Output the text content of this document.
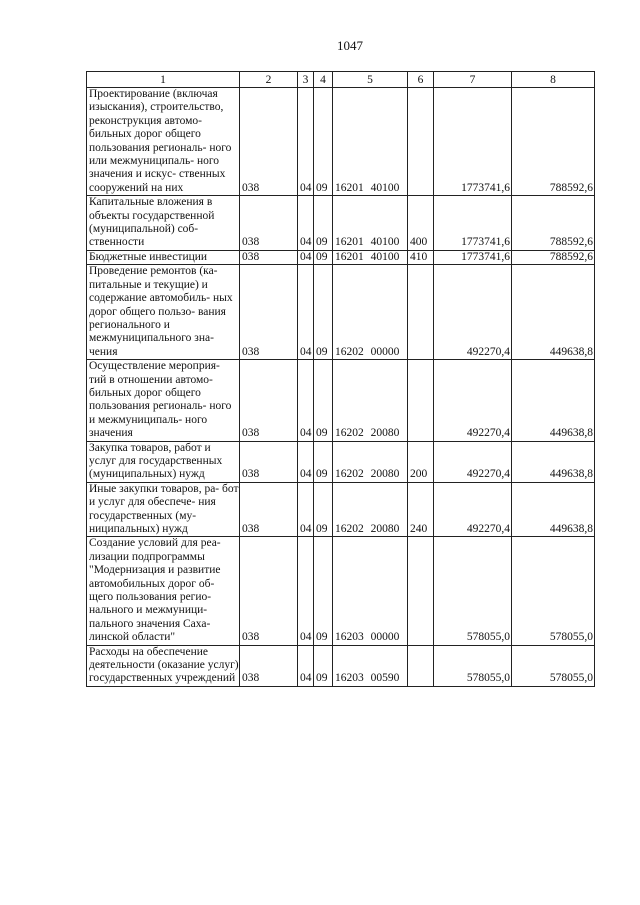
1047
1	2	3	4	5	6	7	8
Проектирование (включая изыскания), строительство, реконструкция автомо- бильных дорог общего пользования региональ- ного или межмуниципаль- ного значения и искус- ственных сооружений на них	038	04	09	16201 40100		1773741,6	788592,6
Капитальные вложения в объекты государственной (муниципальной) соб- ственности	038	04	09	16201 40100	400	1773741,6	788592,6
Бюджетные инвестиции	038	04	09	16201 40100	410	1773741,6	788592,6
Проведение ремонтов (ка- питальные и текущие) и содержание автомобиль- ных дорог общего пользо- вания регионального и межмуниципального зна- чения	038	04	09	16202 00000		492270,4	449638,8
Осуществление мероприя- тий в отношении автомо- бильных дорог общего пользования региональ- ного и межмуниципаль- ного значения	038	04	09	16202 20080		492270,4	449638,8
Закупка товаров, работ и услуг для государственных (муниципальных) нужд	038	04	09	16202 20080	200	492270,4	449638,8
Иные закупки товаров, ра- бот и услуг для обеспече- ния государственных (му- ниципальных) нужд	038	04	09	16202 20080	240	492270,4	449638,8
Создание условий для реа- лизации подпрограммы "Модернизация и развитие автомобильных дорог об- щего пользования регио- нального и межмуници- пального значения Саха- линской области"	038	04	09	16203 00000		578055,0	578055,0
Расходы на обеспечение деятельности (оказание услуг) государственных учреждений	038	04	09	16203 00590		578055,0	578055,0
